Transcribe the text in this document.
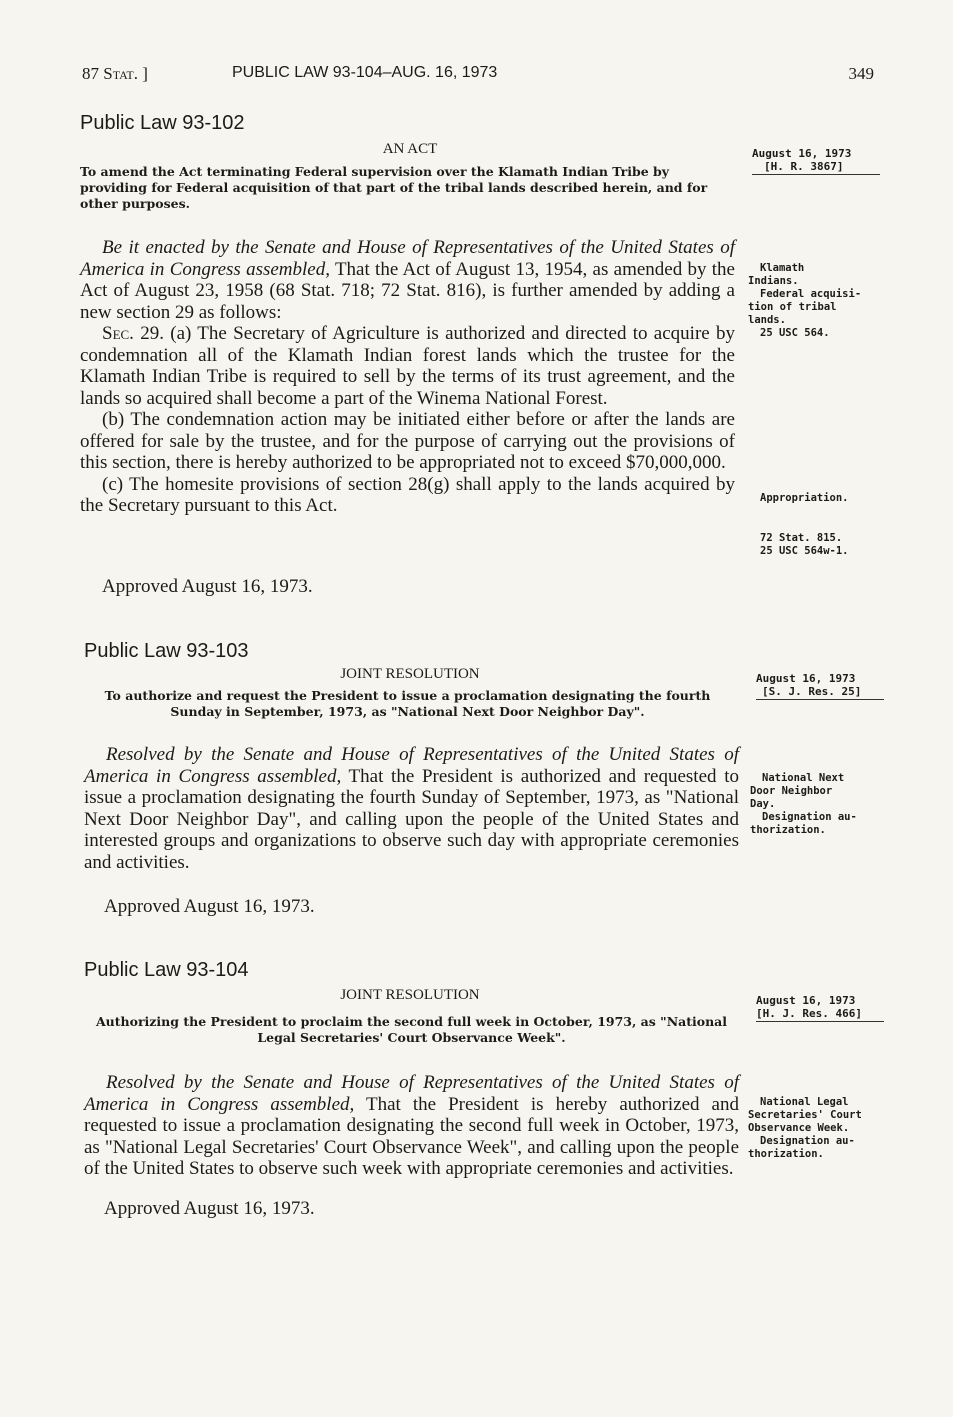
87 Stat. ]	PUBLIC LAW 93-104–AUG. 16, 1973	349
Public Law 93-102
AN ACT
To amend the Act terminating Federal supervision over the Klamath Indian Tribe by providing for Federal acquisition of that part of the tribal lands described herein, and for other purposes.
August 16, 1973
[H. R. 3867]

Be it enacted by the Senate and House of Representatives of the United States of America in Congress assembled, That the Act of August 13, 1954, as amended by the Act of August 23, 1958 (68 Stat. 718; 72 Stat. 816), is further amended by adding a new section 29 as follows:

Sec. 29. (a) The Secretary of Agriculture is authorized and directed to acquire by condemnation all of the Klamath Indian forest lands which the trustee for the Klamath Indian Tribe is required to sell by the terms of its trust agreement, and the lands so acquired shall become a part of the Winema National Forest.

(b) The condemnation action may be initiated either before or after the lands are offered for sale by the trustee, and for the purpose of carrying out the provisions of this section, there is hereby authorized to be appropriated not to exceed $70,000,000.

(c) The homesite provisions of section 28(g) shall apply to the lands acquired by the Secretary pursuant to this Act.

Approved August 16, 1973.
Klamath
Indians.
Federal acquisi-
tion of tribal
lands.
25 USC 564.
Appropriation.
72 Stat. 815.
25 USC 564w-1.
Public Law 93-103
JOINT RESOLUTION
To authorize and request the President to issue a proclamation designating the fourth Sunday in September, 1973, as "National Next Door Neighbor Day".
August 16, 1973
[S. J. Res. 25]

Resolved by the Senate and House of Representatives of the United States of America in Congress assembled, That the President is authorized and requested to issue a proclamation designating the fourth Sunday of September, 1973, as "National Next Door Neighbor Day", and calling upon the people of the United States and interested groups and organizations to observe such day with appropriate ceremonies and activities.

Approved August 16, 1973.
National Next
Door Neighbor
Day.
Designation au-
thorization.
Public Law 93-104
JOINT RESOLUTION
Authorizing the President to proclaim the second full week in October, 1973, as "National Legal Secretaries' Court Observance Week".
August 16, 1973
[H. J. Res. 466]

Resolved by the Senate and House of Representatives of the United States of America in Congress assembled, That the President is hereby authorized and requested to issue a proclamation designating the second full week in October, 1973, as "National Legal Secretaries' Court Observance Week", and calling upon the people of the United States to observe such week with appropriate ceremonies and activities.

Approved August 16, 1973.
National Legal
Secretaries' Court
Observance Week.
Designation au-
thorization.
